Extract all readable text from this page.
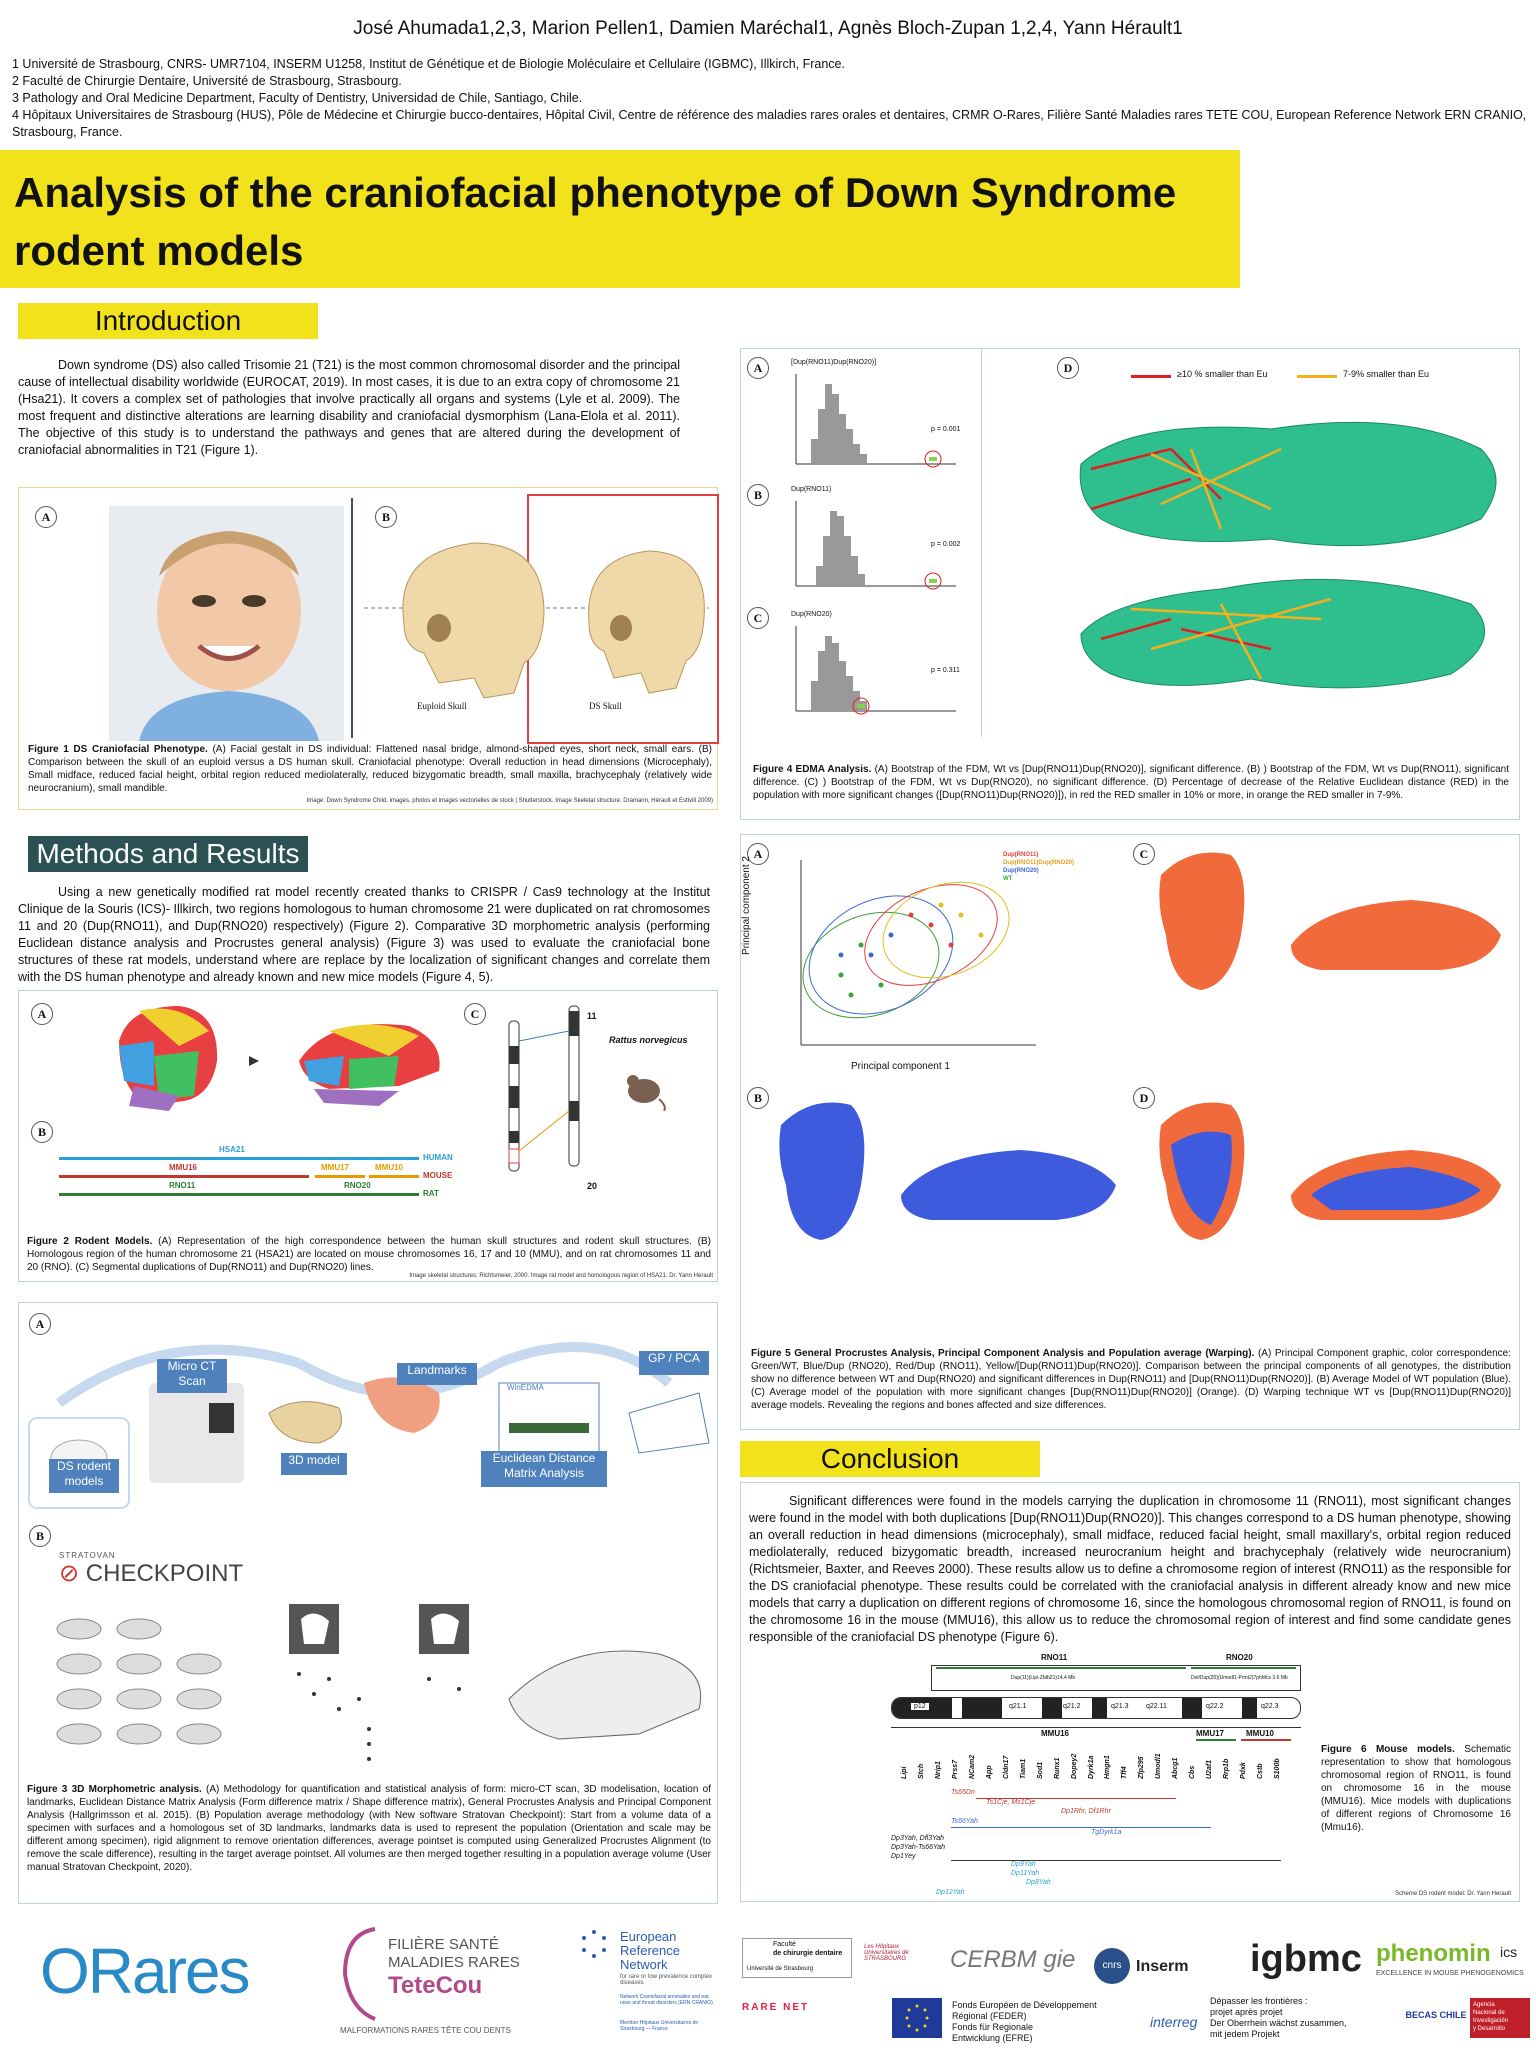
José Ahumada1,2,3, Marion Pellen1, Damien Maréchal1, Agnès Bloch-Zupan 1,2,4, Yann Hérault1
1 Université de Strasbourg, CNRS- UMR7104, INSERM U1258, Institut de Génétique et de Biologie Moléculaire et Cellulaire (IGBMC), Illkirch, France.
2 Faculté de Chirurgie Dentaire, Université de Strasbourg, Strasbourg.
3 Pathology and Oral Medicine Department, Faculty of Dentistry, Universidad de Chile, Santiago, Chile.
4 Hôpitaux Universitaires de Strasbourg (HUS), Pôle de Médecine et Chirurgie bucco-dentaires, Hôpital Civil, Centre de référence des maladies rares orales et dentaires, CRMR O-Rares, Filière Santé Maladies rares TETE COU, European Reference Network ERN CRANIO,
Strasbourg, France.
Analysis of the craniofacial phenotype of Down Syndrome
rodent models
Introduction
Down syndrome (DS) also called Trisomie 21 (T21) is the most common chromosomal disorder and the principal cause of intellectual disability worldwide (EUROCAT, 2019). In most cases, it is due to an extra copy of chromosome 21 (Hsa21). It covers a complex set of pathologies that involve practically all organs and systems (Lyle et al. 2009). The most frequent and distinctive alterations are learning disability and craniofacial dysmorphism (Lana-Elola et al. 2011). The objective of this study is to understand the pathways and genes that are altered during the development of craniofacial abnormalities in T21 (Figure 1).
A	B
Euploid Skull	DS Skull
Figure 1 DS Craniofacial Phenotype. (A) Facial gestalt in DS individual: Flattened nasal bridge, almond-shaped eyes, short neck, small ears. (B) Comparison between the skull of an euploid versus a DS human skull. Craniofacial phenotype: Overall reduction in head dimensions (Microcephaly), Small midface, reduced facial height, orbital region reduced mediolaterally, reduced bizygomatic breadth, small maxilla, brachycephaly (relatively wide neurocranium), small mandible.
Image: Down Syndrome Child, images, photos et images vectorielles de stock | Shutterstock. Image Skeletal structure: Dramann, Hérault et Estivill 2009)
Methods and Results
Using a new genetically modified rat model recently created thanks to CRISPR / Cas9 technology at the Institut Clinique de la Souris (ICS)- Illkirch, two regions homologous to human chromosome 21 were duplicated on rat chromosomes 11 and 20 (Dup(RNO11), and Dup(RNO20) respectively) (Figure 2). Comparative 3D morphometric analysis (performing Euclidean distance analysis and Procrustes general analysis) (Figure 3) was used to evaluate the craniofacial bone structures of these rat models, understand where are replace by the localization of significant changes and correlate them with the DS human phenotype and already known and new mice models (Figure 4, 5).
A
B
HSA21
HUMAN
MMU16	MMU17	MMU10
MOUSE
RNO11	RNO20
RAT
C	11
Rattus norvegicus
20
Figure 2 Rodent Models. (A) Representation of the high correspondence between the human skull structures and rodent skull structures. (B) Homologous region of the human chromosome 21 (HSA21) are located on mouse chromosomes 16, 17 and 10 (MMU), and on rat chromosomes 11 and 20 (RNO). (C) Segmental duplications of Dup(RNO11) and Dup(RNO20) lines.
Image skeletal structures: Richtsmeier, 2000. Image rat model and homologous region of HSA21: Dr. Yann Herault
A
Micro CT Scan
Landmarks
GP / PCA
DS rodent models
3D model	Euclidean Distance Matrix Analysis
WinEDMA
B
STRATOVAN
⊘ CHECKPOINT
Figure 3 3D Morphometric analysis. (A) Methodology for quantification and statistical analysis of form: micro-CT scan, 3D modelisation, location of landmarks, Euclidean Distance Matrix Analysis (Form difference matrix / Shape difference matrix), General Procrustes Analysis and Principal Component Analysis (Hallgrimsson et al. 2015). (B) Population average methodology (with New software Stratovan Checkpoint): Start from a volume data of a specimen with surfaces and a homologous set of 3D landmarks, landmarks data is used to represent the population (Orientation and scale may be different among specimen), rigid alignment to remove orientation differences, average pointset is computed using Generalized Procrustes Alignment (to remove the scale difference), resulting in the target average pointset. All volumes are then merged together resulting in a population average volume (User manual Stratovan Checkpoint, 2020).
A	[Dup(RNO11)Dup(RNO20)]
p = 0.001
B	Dup(RNO11)
p = 0.002
C	Dup(RNO20)
p = 0.311
D	≥10 % smaller than Eu	7-9% smaller than Eu
Figure 4 EDMA Analysis. (A) Bootstrap of the FDM, Wt vs [Dup(RNO11)Dup(RNO20)], significant difference. (B) ) Bootstrap of the FDM, Wt vs Dup(RNO11), significant difference. (C) ) Bootstrap of the FDM, Wt vs Dup(RNO20), no significant difference. (D) Percentage of decrease of the Relative Euclidean distance (RED) in the population with more significant changes ([Dup(RNO11)Dup(RNO20)]), in red the RED smaller in 10% or more, in orange the RED smaller in 7-9%.
A
Principal component 2
Principal component 1
Dup(RNO11)
Dup(RNO11)Dup(RNO20)
Dup(RNO20)
WT
C
B	D
Figure 5 General Procrustes Analysis, Principal Component Analysis and Population average (Warping). (A) Principal Component graphic, color correspondence: Green/WT, Blue/Dup (RNO20), Red/Dup (RNO11), Yellow/[Dup(RNO11)Dup(RNO20)]. Comparison between the principal components of all genotypes, the distribution show no difference between WT and Dup(RNO20) and significant differences in Dup(RNO11) and [Dup(RNO11)Dup(RNO20)]. (B) Average Model of WT population (Blue). (C) Average model of the population with more significant changes [Dup(RNO11)Dup(RNO20)] (Orange). (D) Warping technique WT vs [Dup(RNO11)Dup(RNO20)] average models. Revealing the regions and bones affected and size differences.
Conclusion
Significant differences were found in the models carrying the duplication in chromosome 11 (RNO11), most significant changes were found in the model with both duplications [Dup(RNO11)Dup(RNO20)]. This changes correspond to a DS human phenotype, showing an overall reduction in head dimensions (microcephaly), small midface, reduced facial height, small maxillary's, orbital region reduced mediolaterally, reduced bizygomatic breadth, increased neurocranium height and brachycephaly (relatively wide neurocranium) (Richtsmeier, Baxter, and Reeves 2000). These results allow us to define a chromosome region of interest (RNO11) as the responsible for the DS craniofacial phenotype. These results could be correlated with the craniofacial analysis in different already know and new mice models that carry a duplication on different regions of chromosome 16, since the homologous chromosomal region of RNO11, is found on the chromosome 16 in the mouse (MMU16), this allow us to reduce the chromosomal region of interest and find some candidate genes responsible of the craniofacial DS phenotype (Figure 6).
RNO11	RNO20
Dup(11)(Lipi-Zbtb21)14.4 Mb	Del/Dup(20)(Umodl1-Prmt2)7phMcs 3.6 Mb
p12	q21.1	q21.2	q21.3 q22.11	q22.2	q22.3
MMU16	MMU17	MMU10
Lipi Stch Nrip1 Prss7 NCam2 App Cldn17 Tiam1 Sod1 Runx1 Dopey2 Dyrk1a Hmgn1 Tff4 Zfp295 Umodl1 Abcg1 Cbs U2af1 Rrp1b Pdxk Cstb S100b
Ts65Dn
Ts1Cje, Ms1Cje
Dp1Rhr, Df1Rhr
Ts66Yah
TgDyrk1a
Dp3Yah, Dfl3Yah
Dp3Yah-Ts66Yah
Dp1Yey
Dp9Yah
Dp11Yah
Dp8Yah
Dp12Yah
Figure 6 Mouse models. Schematic representation to show that homologous chromosomal region of RNO11, is found on chromosome 16 in the mouse (MMU16). Mice models with duplications of different regions of Chromosome 16 (Mmu16).
Scheme DS rodent model: Dr. Yann Herault
ORares	FILIÈRE SANTÉ
MALADIES RARES
TeteCou
MALFORMATIONS RARES TÊTE COU DENTS
European
Reference
Network
for rare or low prevalence complex diseases
Network Craniofacial anomalies and ear, nose and throat disorders (ERN CRANIO)
Member Hôpitaux Universitaires de Strasbourg — France
Faculté
de chirurgie dentaire
Université de Strasbourg
Les Hôpitaux Universitaires de STRASBOURG	CERBM gie	cnrs Inserm igbmc phenomin ics
EXCELLENCE IN MOUSE PHENOGENOMICS
RARE NET	Fonds Européen de Développement
Régional (FEDER)
Fonds für Regionale
Entwicklung (EFRE)
interreg
Dépasser les frontières :
projet après projet
Der Oberrhein wächst zusammen,
mit jedem Projekt
BECAS CHILE
Agencia
Nacional de
Investigación
y Desarrollo
